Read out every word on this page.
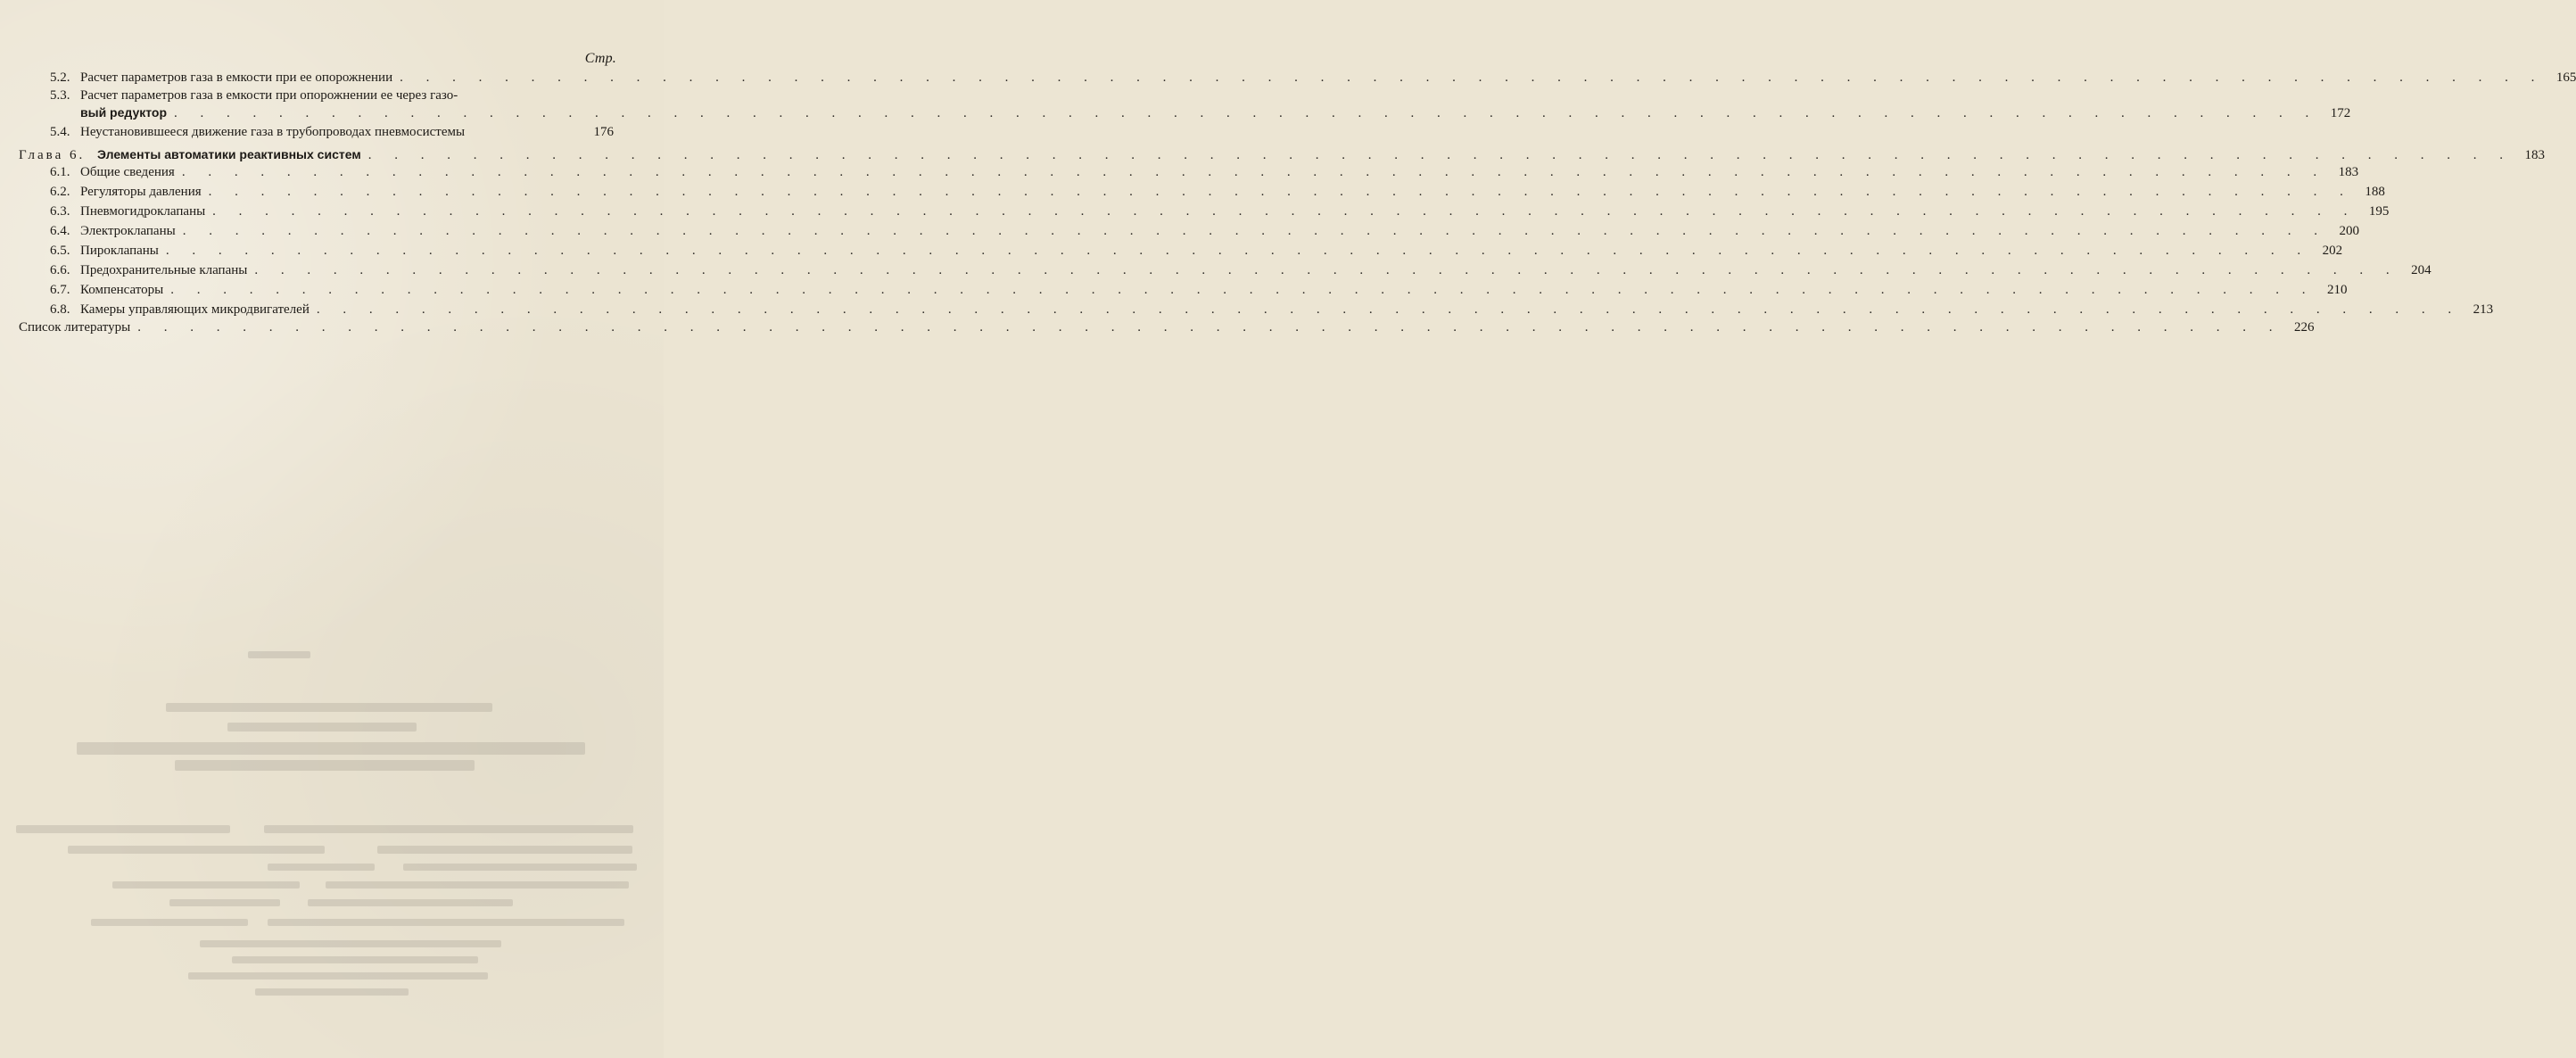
Стр.
5.2. Расчет параметров газа в емкости при ее опорожнении . . . . . . . . . . . . . . . . . . . . . . . . . . . . . . . . . . . . . . . . . . . . . . . . . . . . . . . . . . . . . . . . . . . . . . . . . . . . . . . . . . 165
5.3. Расчет параметров газа в емкости при опорожнении ее через газо-
вый редуктор . . . . . . . . . . . . . . . . . . . . . . . . . . . . . . . . . . . . . . . . . . . . . . . . . . . . . . . . . . . . . . . . . . . . . . . . . . . . . . . . . . 172
5.4. Неустановившееся движение газа в трубопроводах пневмосистемы	176
Глава 6. Элементы автоматики реактивных систем . . . . . . . . . . . . . . . . . . . . . . . . . . . . . . . . . . . . . . . . . . . . . . . . . . . . . . . . . . . . . . . . . . . . . . . . . . . . . . . . . . 183
6.1. Общие сведения . . . . . . . . . . . . . . . . . . . . . . . . . . . . . . . . . . . . . . . . . . . . . . . . . . . . . . . . . . . . . . . . . . . . . . . . . . . . . . . . . . 183
6.2. Регуляторы давления . . . . . . . . . . . . . . . . . . . . . . . . . . . . . . . . . . . . . . . . . . . . . . . . . . . . . . . . . . . . . . . . . . . . . . . . . . . . . . . . . . 188
6.3. Пневмогидроклапаны . . . . . . . . . . . . . . . . . . . . . . . . . . . . . . . . . . . . . . . . . . . . . . . . . . . . . . . . . . . . . . . . . . . . . . . . . . . . . . . . . . 195
6.4. Электроклапаны . . . . . . . . . . . . . . . . . . . . . . . . . . . . . . . . . . . . . . . . . . . . . . . . . . . . . . . . . . . . . . . . . . . . . . . . . . . . . . . . . . 200
6.5. Пироклапаны . . . . . . . . . . . . . . . . . . . . . . . . . . . . . . . . . . . . . . . . . . . . . . . . . . . . . . . . . . . . . . . . . . . . . . . . . . . . . . . . . . 202
6.6. Предохранительные клапаны . . . . . . . . . . . . . . . . . . . . . . . . . . . . . . . . . . . . . . . . . . . . . . . . . . . . . . . . . . . . . . . . . . . . . . . . . . . . . . . . . . 204
6.7. Компенсаторы . . . . . . . . . . . . . . . . . . . . . . . . . . . . . . . . . . . . . . . . . . . . . . . . . . . . . . . . . . . . . . . . . . . . . . . . . . . . . . . . . . 210
6.8. Камеры управляющих микродвигателей . . . . . . . . . . . . . . . . . . . . . . . . . . . . . . . . . . . . . . . . . . . . . . . . . . . . . . . . . . . . . . . . . . . . . . . . . . . . . . . . . . 213
Список литературы . . . . . . . . . . . . . . . . . . . . . . . . . . . . . . . . . . . . . . . . . . . . . . . . . . . . . . . . . . . . . . . . . . . . . . . . . . . . . . . . . . 226
